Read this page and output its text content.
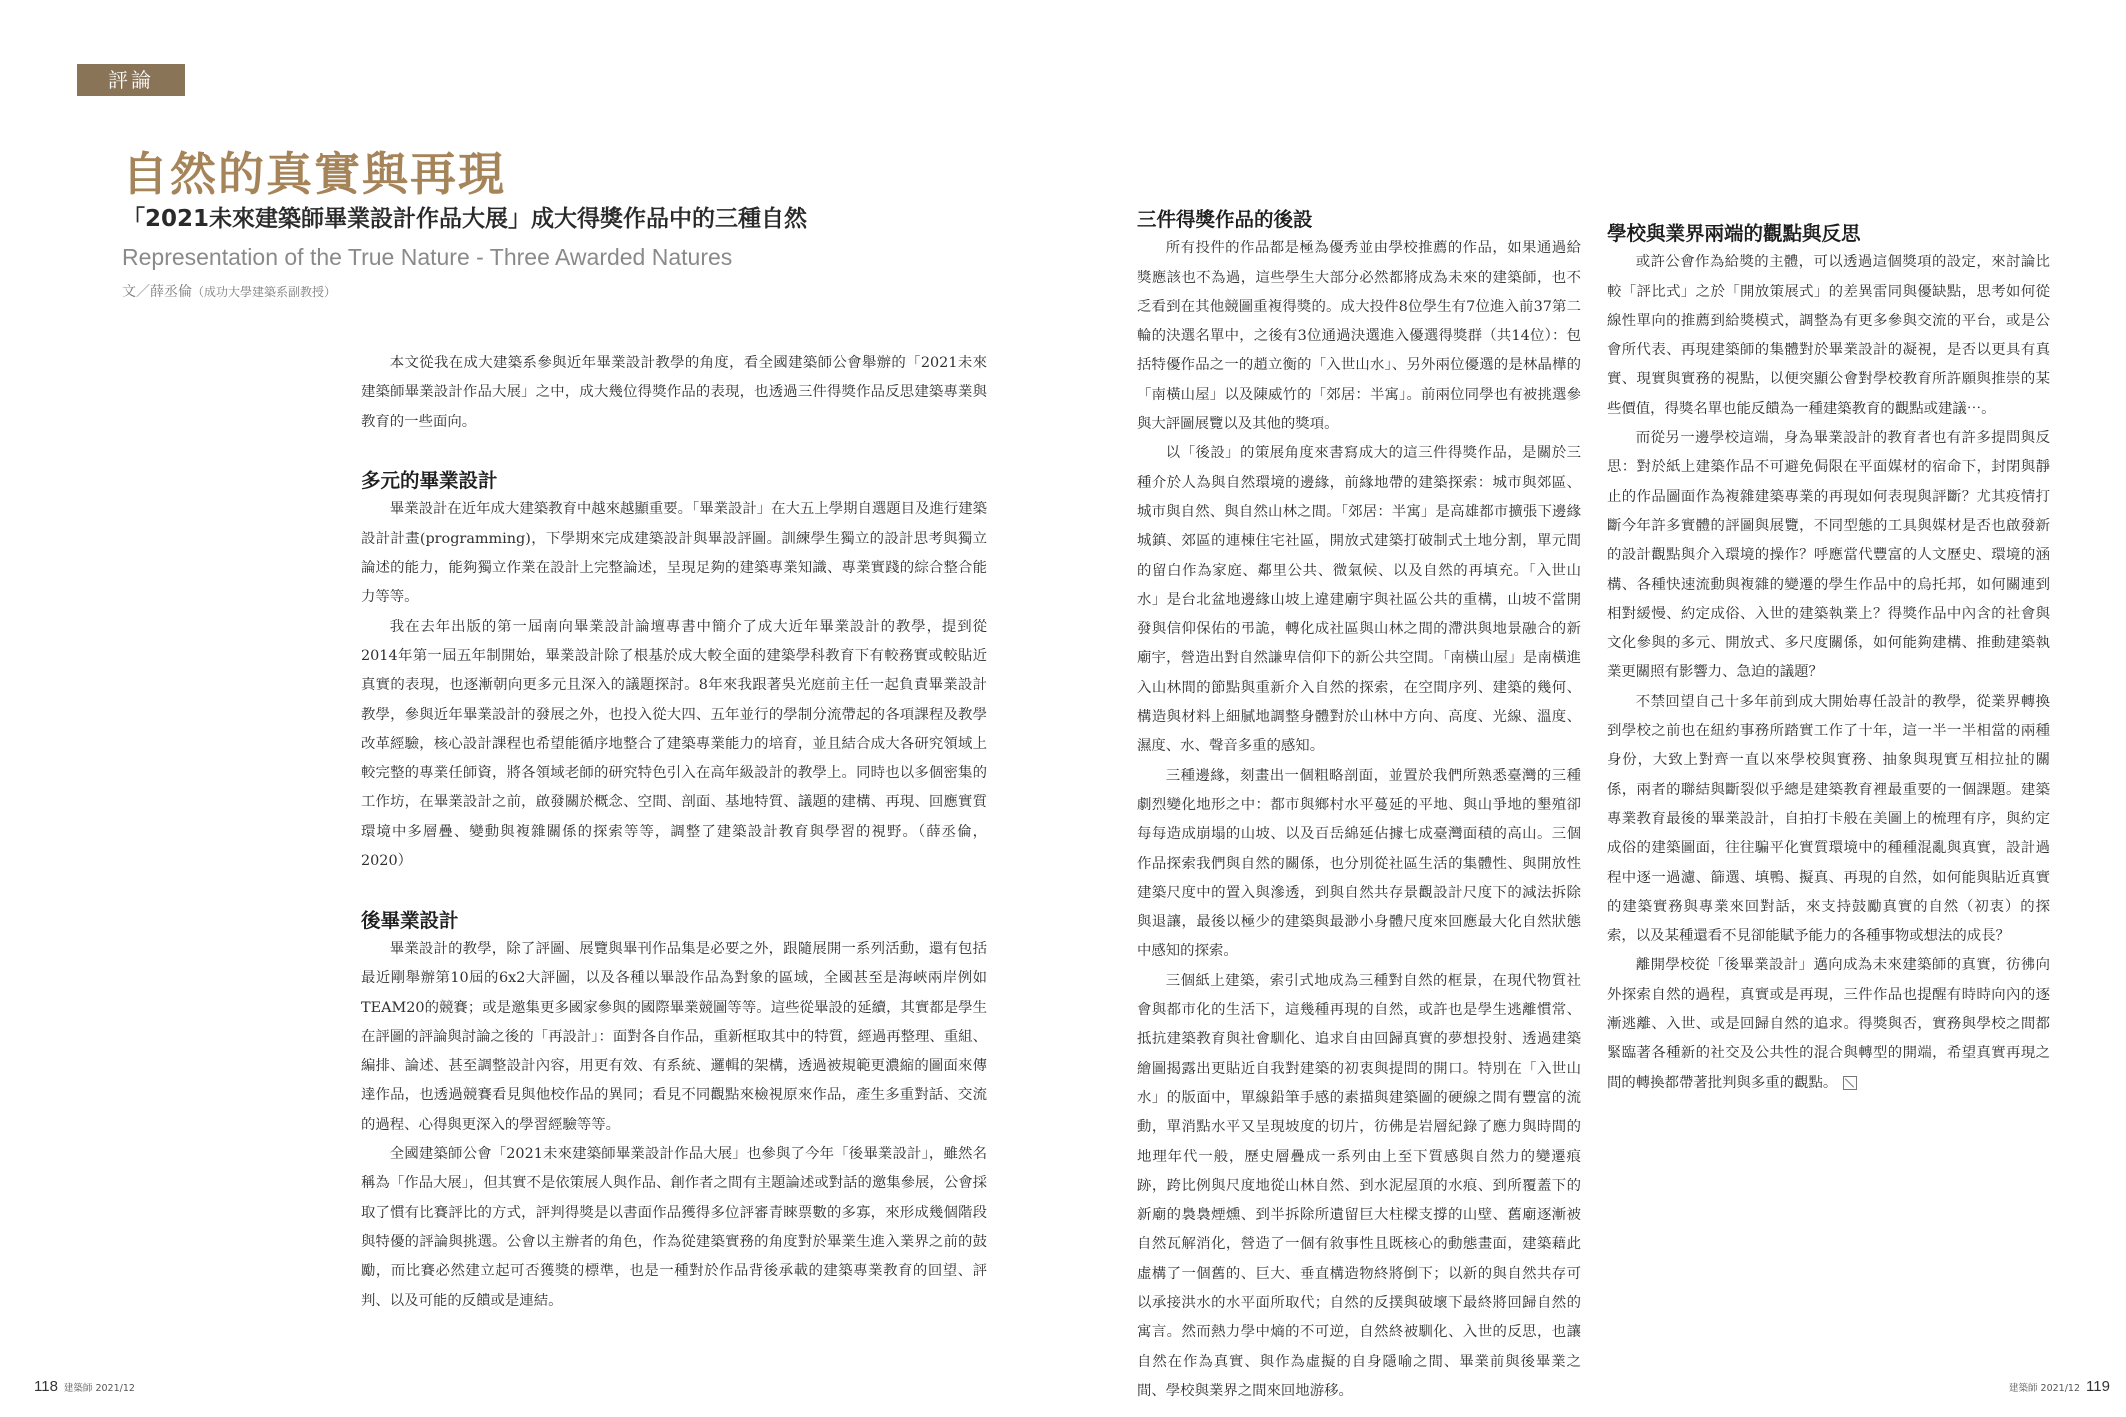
評論
自然的真實與再現
「2021未來建築師畢業設計作品大展」成大得獎作品中的三種自然
Representation of the True Nature - Three Awarded Natures
文／薛丞倫（成功大學建築系副教授）

本文從我在成大建築系參與近年畢業設計教學的角度，看全國建築師公會舉辦的「2021未來建築師畢業設計作品大展」之中，成大幾位得獎作品的表現，也透過三件得獎作品反思建築專業與教育的一些面向。

多元的畢業設計

畢業設計在近年成大建築教育中越來越顯重要。「畢業設計」在大五上學期自選題目及進行建築設計計畫(programming)，下學期來完成建築設計與畢設評圖。訓練學生獨立的設計思考與獨立論述的能力，能夠獨立作業在設計上完整論述，呈現足夠的建築專業知識、專業實踐的綜合整合能力等等。

我在去年出版的第一屆南向畢業設計論壇專書中簡介了成大近年畢業設計的教學，提到從2014年第一屆五年制開始，畢業設計除了根基於成大較全面的建築學科教育下有較務實或較貼近真實的表現，也逐漸朝向更多元且深入的議題探討。8年來我跟著吳光庭前主任一起負責畢業設計教學，參與近年畢業設計的發展之外，也投入從大四、五年並行的學制分流帶起的各項課程及教學改革經驗，核心設計課程也希望能循序地整合了建築專業能力的培育，並且結合成大各研究領域上較完整的專業任師資，將各領域老師的研究特色引入在高年級設計的教學上。同時也以多個密集的工作坊，在畢業設計之前，啟發關於概念、空間、剖面、基地特質、議題的建構、再現、回應實質環境中多層疊、變動與複雜關係的探索等等，調整了建築設計教育與學習的視野。（薛丞倫，2020）

後畢業設計

畢業設計的教學，除了評圖、展覽與畢刊作品集是必要之外，跟隨展開一系列活動，還有包括最近剛舉辦第10屆的6x2大評圖，以及各種以畢設作品為對象的區域，全國甚至是海峽兩岸例如TEAM20的競賽；或是邀集更多國家參與的國際畢業競圖等等。這些從畢設的延續，其實都是學生在評圖的評論與討論之後的「再設計」：面對各自作品，重新框取其中的特質，經過再整理、重組、編排、論述、甚至調整設計內容，用更有效、有系統、邏輯的架構，透過被規範更濃縮的圖面來傳達作品，也透過競賽看見與他校作品的異同；看見不同觀點來檢視原來作品，產生多重對話、交流的過程、心得與更深入的學習經驗等等。

全國建築師公會「2021未來建築師畢業設計作品大展」也參與了今年「後畢業設計」，雖然名稱為「作品大展」，但其實不是依策展人與作品、創作者之間有主題論述或對話的邀集參展，公會採取了慣有比賽評比的方式，評判得獎是以書面作品獲得多位評審青睞票數的多寡，來形成幾個階段與特優的評論與挑選。公會以主辦者的角色，作為從建築實務的角度對於畢業生進入業界之前的鼓勵，而比賽必然建立起可否獲獎的標準，也是一種對於作品背後承載的建築專業教育的回望、評判、以及可能的反饋或是連結。

118 建築師 2021/12	建築師 2021/12 119
三件得獎作品的後設

所有投件的作品都是極為優秀並由學校推薦的作品，如果通過給獎應該也不為過，這些學生大部分必然都將成為未來的建築師，也不乏看到在其他競圖重複得獎的。成大投件8位學生有7位進入前37第二輪的決選名單中，之後有3位通過決選進入優選得獎群（共14位）：包括特優作品之一的趙立衡的「入世山水」、另外兩位優選的是林晶樺的「南橫山屋」以及陳威竹的「郊居：半寓」。前兩位同學也有被挑選參與大評圖展覽以及其他的獎項。

以「後設」的策展角度來書寫成大的這三件得獎作品，是關於三種介於人為與自然環境的邊緣，前緣地帶的建築探索：城市與郊區、城市與自然、與自然山林之間。「郊居：半寓」是高雄都市擴張下邊緣城鎮、郊區的連棟住宅社區，開放式建築打破制式土地分割，單元間的留白作為家庭、鄰里公共、微氣候、以及自然的再填充。「入世山水」是台北盆地邊緣山坡上違建廟宇與社區公共的重構，山坡不當開發與信仰保佑的弔詭，轉化成社區與山林之間的滯洪與地景融合的新廟宇，營造出對自然謙卑信仰下的新公共空間。「南橫山屋」是南橫進入山林間的節點與重新介入自然的探索，在空間序列、建築的幾何、構造與材料上細膩地調整身體對於山林中方向、高度、光線、溫度、濕度、水、聲音多重的感知。

三種邊緣，刻畫出一個粗略剖面，並置於我們所熟悉臺灣的三種劇烈變化地形之中：都市與鄉村水平蔓延的平地、與山爭地的墾殖卻每每造成崩塌的山坡、以及百岳綿延佔據七成臺灣面積的高山。三個作品探索我們與自然的關係，也分別從社區生活的集體性、與開放性建築尺度中的置入與滲透，到與自然共存景觀設計尺度下的減法拆除與退讓，最後以極少的建築與最渺小身體尺度來回應最大化自然狀態中感知的探索。

三個紙上建築，索引式地成為三種對自然的框景，在現代物質社會與都市化的生活下，這幾種再現的自然，或許也是學生逃離慣常、抵抗建築教育與社會馴化、追求自由回歸真實的夢想投射、透過建築繪圖揭露出更貼近自我對建築的初衷與提問的開口。特別在「入世山水」的版面中，單線鉛筆手感的素描與建築圖的硬線之間有豐富的流動，單消點水平又呈現坡度的切片，彷佛是岩層紀錄了應力與時間的地理年代一般，歷史層疊成一系列由上至下質感與自然力的變遷痕跡，跨比例與尺度地從山林自然、到水泥屋頂的水痕、到所覆蓋下的新廟的裊裊煙燻、到半拆除所遺留巨大柱樑支撐的山壁、舊廟逐漸被自然瓦解消化，營造了一個有敘事性且既核心的動態畫面，建築藉此虛構了一個舊的、巨大、垂直構造物終將倒下；以新的與自然共存可以承接洪水的水平面所取代；自然的反撲與破壞下最終將回歸自然的寓言。然而熱力學中熵的不可逆，自然終被馴化、入世的反思，也讓自然在作為真實、與作為虛擬的自身隱喻之間、畢業前與後畢業之間、學校與業界之間來回地游移。

學校與業界兩端的觀點與反思

或許公會作為給獎的主體，可以透過這個獎項的設定，來討論比較「評比式」之於「開放策展式」的差異雷同與優缺點，思考如何從線性單向的推薦到給獎模式，調整為有更多參與交流的平台，或是公會所代表、再現建築師的集體對於畢業設計的凝視，是否以更具有真實、現實與實務的視點，以便突顯公會對學校教育所許願與推崇的某些價值，得獎名單也能反饋為一種建築教育的觀點或建議⋯。

而從另一邊學校這端，身為畢業設計的教育者也有許多提問與反思：對於紙上建築作品不可避免侷限在平面媒材的宿命下，封閉與靜止的作品圖面作為複雜建築專業的再現如何表現與評斷？尤其疫情打斷今年許多實體的評圖與展覽，不同型態的工具與媒材是否也啟發新的設計觀點與介入環境的操作？呼應當代豐富的人文歷史、環境的涵構、各種快速流動與複雜的變遷的學生作品中的烏托邦，如何關連到相對緩慢、約定成俗、入世的建築執業上？得獎作品中內含的社會與文化參與的多元、開放式、多尺度關係，如何能夠建構、推動建築執業更關照有影響力、急迫的議題？

不禁回望自己十多年前到成大開始專任設計的教學，從業界轉換到學校之前也在紐約事務所踏實工作了十年，這一半一半相當的兩種身份，大致上對齊一直以來學校與實務、抽象與現實互相拉扯的關係，兩者的聯結與斷裂似乎總是建築教育裡最重要的一個課題。建築專業教育最後的畢業設計，自拍打卡般在美圖上的梳理有序，與約定成俗的建築圖面，往往騙平化實質環境中的種種混亂與真實，設計過程中逐一過濾、篩選、填鴨、擬真、再現的自然，如何能與貼近真實的建築實務與專業來回對話，來支持鼓勵真實的自然（初衷）的探索，以及某種還看不見卻能賦予能力的各種事物或想法的成長？

離開學校從「後畢業設計」邁向成為未來建築師的真實，彷彿向外探索自然的過程，真實或是再現，三件作品也提醒有時時向內的逐漸逃離、入世、或是回歸自然的追求。得獎與否，實務與學校之間都緊臨著各種新的社交及公共性的混合與轉型的開端，希望真實再現之間的轉換都帶著批判與多重的觀點。
